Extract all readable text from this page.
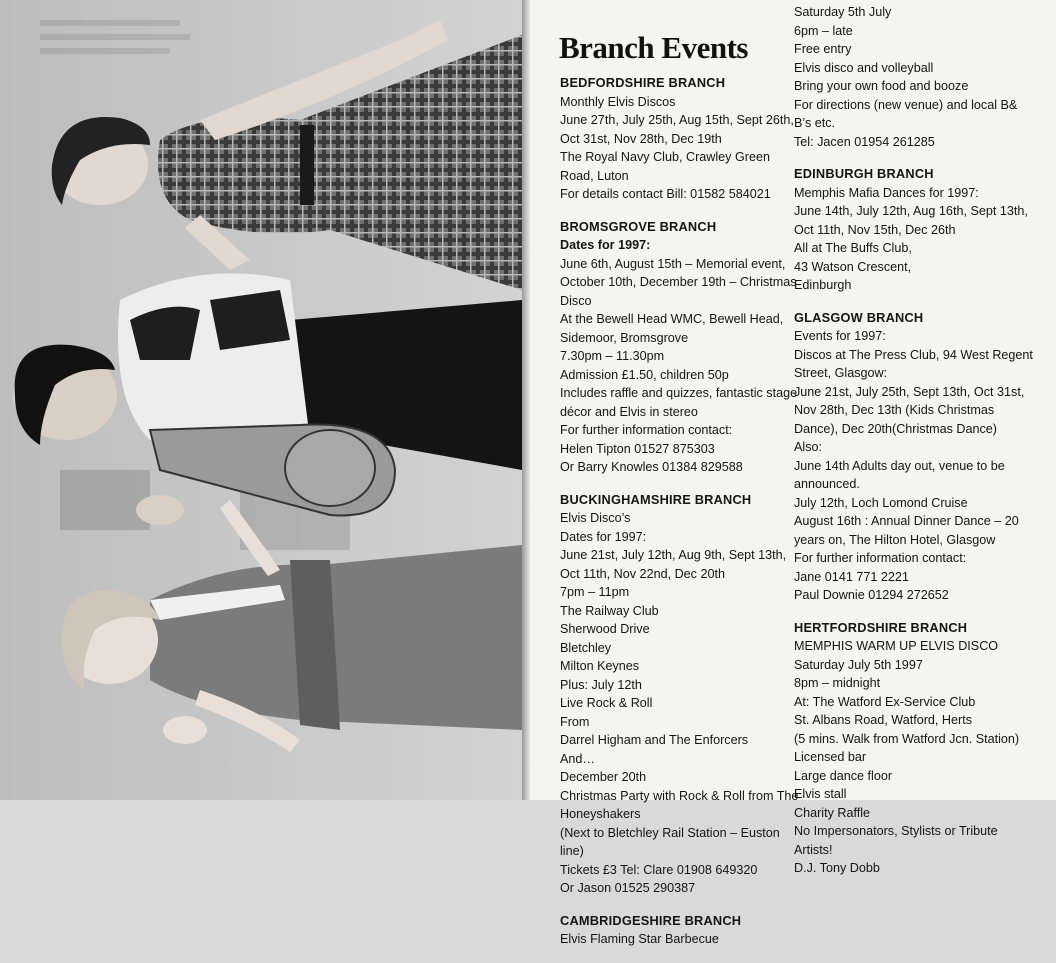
Branch Events
BEDFORDSHIRE BRANCH
Monthly Elvis Discos
June 27th, July 25th, Aug 15th, Sept 26th, Oct 31st, Nov 28th, Dec 19th
The Royal Navy Club, Crawley Green Road, Luton
For details contact Bill: 01582 584021
BROMSGROVE BRANCH
Dates for 1997:
June 6th, August 15th – Memorial event, October 10th, December 19th – Christmas Disco
At the Bewell Head WMC, Bewell Head, Sidemoor, Bromsgrove
7.30pm – 11.30pm
Admission £1.50, children 50p
Includes raffle and quizzes, fantastic stage décor and Elvis in stereo
For further information contact:
Helen Tipton 01527 875303
Or Barry Knowles 01384 829588
BUCKINGHAMSHIRE BRANCH
Elvis Disco’s
Dates for 1997:
June 21st, July 12th, Aug 9th, Sept 13th, Oct 11th, Nov 22nd, Dec 20th
7pm – 11pm
The Railway Club
Sherwood Drive
Bletchley
Milton Keynes
Plus: July 12th
Live Rock & Roll
From
Darrel Higham and The Enforcers
And…
December 20th
Christmas Party with Rock & Roll from The Honeyshakers
(Next to Bletchley Rail Station – Euston line)
Tickets £3 Tel: Clare 01908 649320
Or Jason 01525 290387
CAMBRIDGESHIRE BRANCH
Elvis Flaming Star Barbecue
Saturday 5th July
6pm – late
Free entry
Elvis disco and volleyball
Bring your own food and booze
For directions (new venue) and local B& B’s etc.
Tel: Jacen 01954 261285
EDINBURGH BRANCH
Memphis Mafia Dances for 1997:
June 14th, July 12th, Aug 16th, Sept 13th, Oct 11th, Nov 15th, Dec 26th
All at The Buffs Club,
43 Watson Crescent,
Edinburgh
GLASGOW BRANCH
Events for 1997:
Discos at The Press Club, 94 West Regent Street, Glasgow:
June 21st, July 25th, Sept 13th, Oct 31st, Nov 28th, Dec 13th (Kids Christmas Dance), Dec 20th(Christmas Dance)
Also:
June 14th Adults day out, venue to be announced.
July 12th, Loch Lomond Cruise
August 16th : Annual Dinner Dance – 20 years on, The Hilton Hotel, Glasgow
For further information contact:
Jane 0141 771 2221
Paul Downie 01294 272652
HERTFORDSHIRE BRANCH
MEMPHIS WARM UP ELVIS DISCO
Saturday July 5th 1997
8pm – midnight
At: The Watford Ex-Service Club
St. Albans Road, Watford, Herts
(5 mins. Walk from Watford Jcn. Station)
Licensed bar
Large dance floor
Elvis stall
Charity Raffle
No Impersonators, Stylists or Tribute Artists!
D.J. Tony Dobb
